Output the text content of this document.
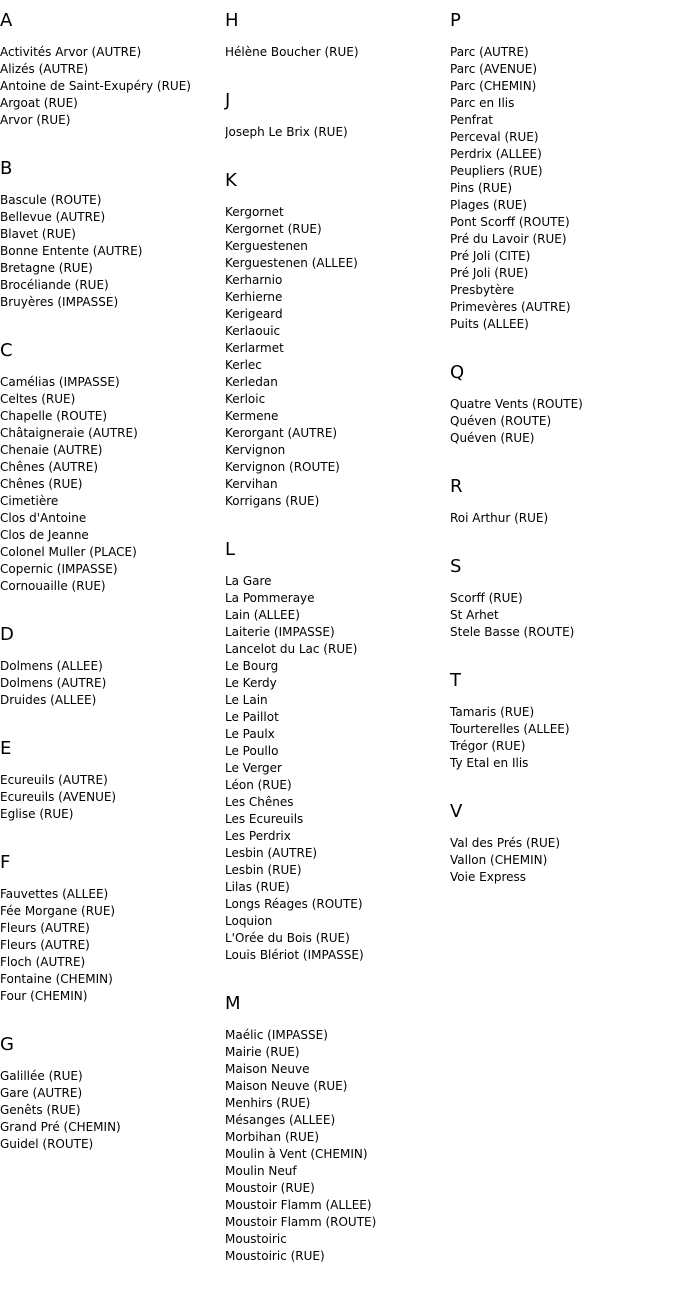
A
Activités Arvor (AUTRE)
Alizés (AUTRE)
Antoine de Saint-Exupéry (RUE)
Argoat (RUE)
Arvor (RUE)
B
Bascule (ROUTE)
Bellevue (AUTRE)
Blavet (RUE)
Bonne Entente (AUTRE)
Bretagne (RUE)
Brocéliande (RUE)
Bruyères (IMPASSE)
C
Camélias (IMPASSE)
Celtes (RUE)
Chapelle (ROUTE)
Châtaigneraie (AUTRE)
Chenaie (AUTRE)
Chênes (AUTRE)
Chênes (RUE)
Cimetière
Clos d'Antoine
Clos de Jeanne
Colonel Muller (PLACE)
Copernic (IMPASSE)
Cornouaille (RUE)
D
Dolmens (ALLEE)
Dolmens (AUTRE)
Druides (ALLEE)
E
Ecureuils (AUTRE)
Ecureuils (AVENUE)
Eglise (RUE)
F
Fauvettes (ALLEE)
Fée Morgane (RUE)
Fleurs (AUTRE)
Fleurs (AUTRE)
Floch (AUTRE)
Fontaine (CHEMIN)
Four (CHEMIN)
G
Galillée (RUE)
Gare (AUTRE)
Genêts (RUE)
Grand Pré (CHEMIN)
Guidel (ROUTE)
H
Hélène Boucher (RUE)
J
Joseph Le Brix (RUE)
K
Kergornet
Kergornet (RUE)
Kerguestenen
Kerguestenen (ALLEE)
Kerharnio
Kerhierne
Kerigeard
Kerlaouic
Kerlarmet
Kerlec
Kerledan
Kerloic
Kermene
Kerorgant (AUTRE)
Kervignon
Kervignon (ROUTE)
Kervihan
Korrigans (RUE)
L
La Gare
La Pommeraye
Lain (ALLEE)
Laiterie (IMPASSE)
Lancelot du Lac (RUE)
Le Bourg
Le Kerdy
Le Lain
Le Paillot
Le Paulx
Le Poullo
Le Verger
Léon (RUE)
Les Chênes
Les Ecureuils
Les Perdrix
Lesbin (AUTRE)
Lesbin (RUE)
Lilas (RUE)
Longs Réages (ROUTE)
Loquion
L'Orée du Bois (RUE)
Louis Blériot (IMPASSE)
M
Maélic (IMPASSE)
Mairie (RUE)
Maison Neuve
Maison Neuve (RUE)
Menhirs (RUE)
Mésanges (ALLEE)
Morbihan (RUE)
Moulin à Vent (CHEMIN)
Moulin Neuf
Moustoir (RUE)
Moustoir Flamm (ALLEE)
Moustoir Flamm (ROUTE)
Moustoiric
Moustoiric (RUE)
P
Parc (AUTRE)
Parc (AVENUE)
Parc (CHEMIN)
Parc en Ilis
Penfrat
Perceval (RUE)
Perdrix (ALLEE)
Peupliers (RUE)
Pins (RUE)
Plages (RUE)
Pont Scorff (ROUTE)
Pré du Lavoir (RUE)
Pré Joli (CITE)
Pré Joli (RUE)
Presbytère
Primevères (AUTRE)
Puits (ALLEE)
Q
Quatre Vents (ROUTE)
Quéven (ROUTE)
Quéven (RUE)
R
Roi Arthur (RUE)
S
Scorff (RUE)
St Arhet
Stele Basse (ROUTE)
T
Tamaris (RUE)
Tourterelles (ALLEE)
Trégor (RUE)
Ty Etal en Ilis
V
Val des Prés (RUE)
Vallon (CHEMIN)
Voie Express
